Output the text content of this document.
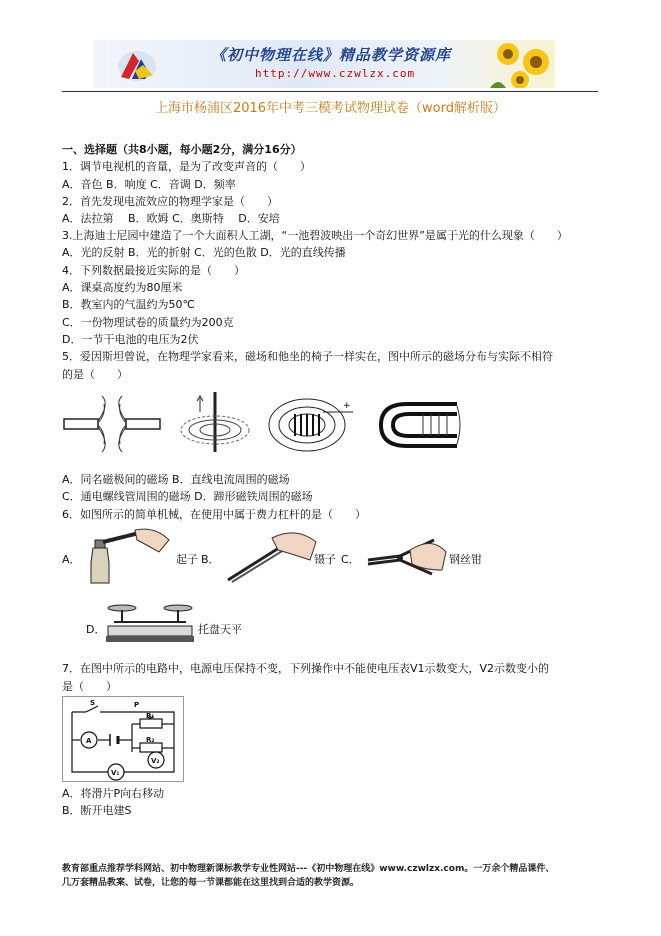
《初中物理在线》精品教学资源库
http://www.czwlzx.com
上海市杨浦区2016年中考三模考试物理试卷（word解析版）
一、选择题（共8小题，每小题2分，满分16分）
1．调节电视机的音量，是为了改变声音的（　　）
A．音色 B．响度 C．音调 D．频率
2．首先发现电流效应的物理学家是（　　）
A．法拉第　 B．欧姆 C．奥斯特　 D．安培
3.上海迪士尼园中建造了一个大面积人工湖，“一池碧波映出一个奇幻世界”是属于光的什么现象（　　）
A．光的反射 B．光的折射 C．光的色散 D．光的直线传播
4．下列数据最接近实际的是（　　）
A．课桌高度约为80厘米
B．教室内的气温约为50℃
C．一份物理试卷的质量约为200克
D．一节干电池的电压为2伏
5．爱因斯坦曾说，在物理学家看来，磁场和他坐的椅子一样实在，图中所示的磁场分布与实际不相符
的是（　　）
+
A．同名磁极间的磁场 B．直线电流周围的磁场
C．通电螺线管周围的磁场 D．蹄形磁铁周围的磁场
6．如图所示的简单机械，在使用中属于费力杠杆的是（　　）
A．	起子 B．	镊子 C．	钢丝钳
D．	托盘天平
7．在图中所示的电路中，电源电压保持不变，下列操作中不能使电压表V1示数变大，V2示数变小的
是（　　）
S	P
R₁
R₂
A
V₂
V₁
A．将滑片P向右移动
B．断开电建S
教育部重点推荐学科网站、初中物理新课标教学专业性网站---《初中物理在线》www.czwlzx.com。一万余个精品课件、
几万套精品教案、试卷，让您的每一节课都能在这里找到合适的教学资源。
